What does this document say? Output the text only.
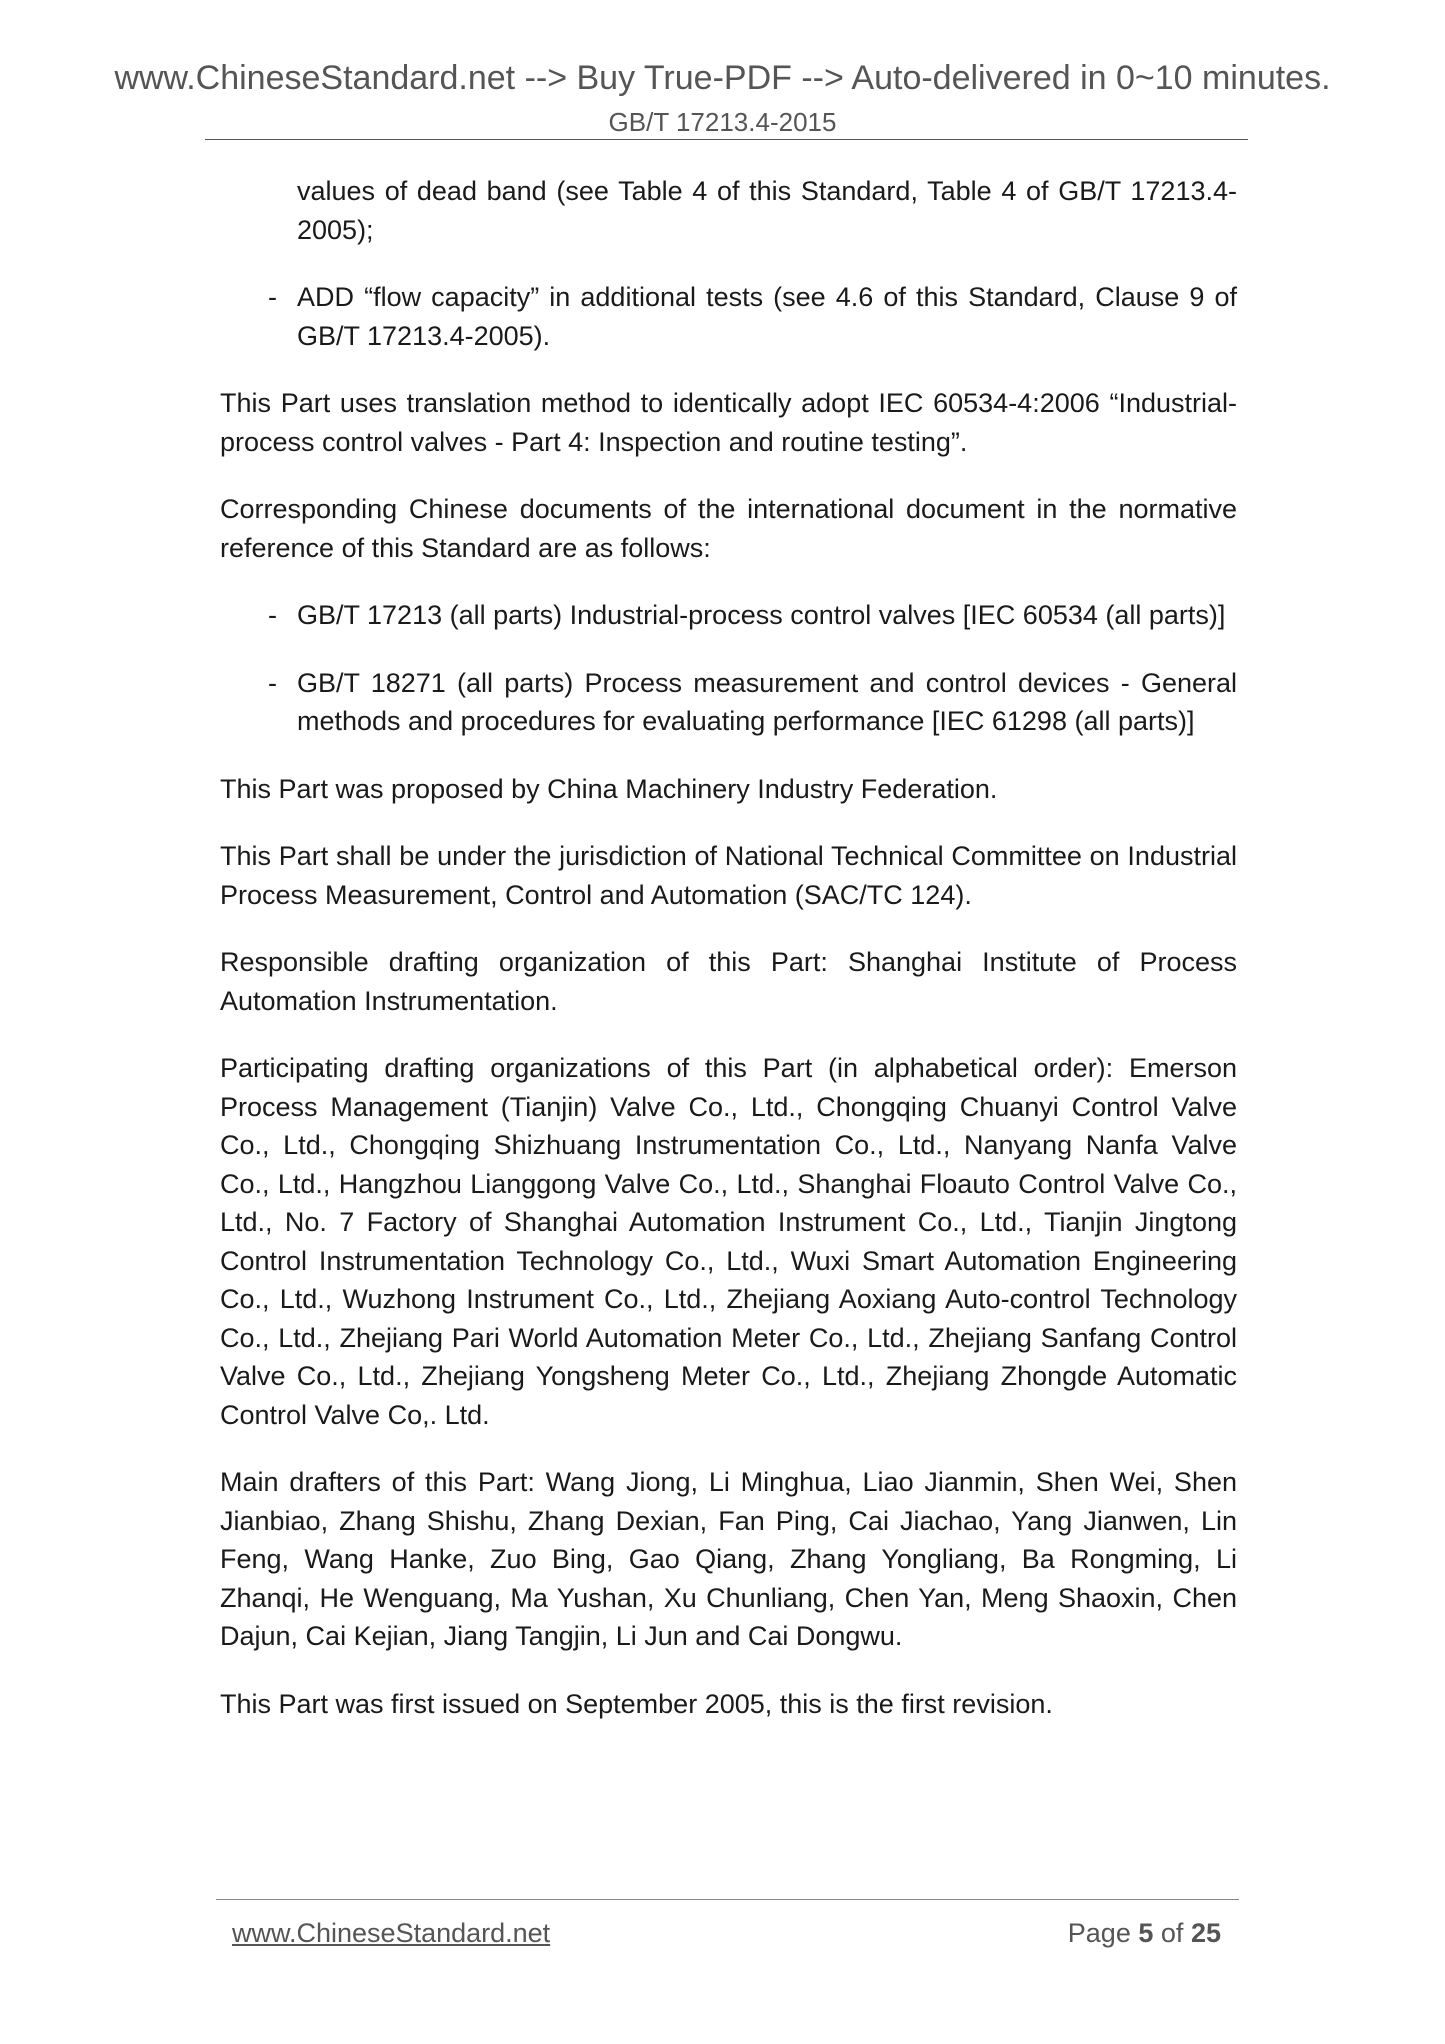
www.ChineseStandard.net --> Buy True-PDF --> Auto-delivered in 0~10 minutes.
GB/T 17213.4-2015

values of dead band (see Table 4 of this Standard, Table 4 of GB/T 17213.4-2005);

- ADD “flow capacity” in additional tests (see 4.6 of this Standard, Clause 9 of GB/T 17213.4-2005).

This Part uses translation method to identically adopt IEC 60534-4:2006 “Industrial-process control valves - Part 4: Inspection and routine testing”.

Corresponding Chinese documents of the international document in the normative reference of this Standard are as follows:

- GB/T 17213 (all parts) Industrial-process control valves [IEC 60534 (all parts)]

- GB/T 18271 (all parts) Process measurement and control devices - General methods and procedures for evaluating performance [IEC 61298 (all parts)]

This Part was proposed by China Machinery Industry Federation.

This Part shall be under the jurisdiction of National Technical Committee on Industrial Process Measurement, Control and Automation (SAC/TC 124).

Responsible drafting organization of this Part: Shanghai Institute of Process Automation Instrumentation.

Participating drafting organizations of this Part (in alphabetical order): Emerson Process Management (Tianjin) Valve Co., Ltd., Chongqing Chuanyi Control Valve Co., Ltd., Chongqing Shizhuang Instrumentation Co., Ltd., Nanyang Nanfa Valve Co., Ltd., Hangzhou Lianggong Valve Co., Ltd., Shanghai Floauto Control Valve Co., Ltd., No. 7 Factory of Shanghai Automation Instrument Co., Ltd., Tianjin Jingtong Control Instrumentation Technology Co., Ltd., Wuxi Smart Automation Engineering Co., Ltd., Wuzhong Instrument Co., Ltd., Zhejiang Aoxiang Auto-control Technology Co., Ltd., Zhejiang Pari World Automation Meter Co., Ltd., Zhejiang Sanfang Control Valve Co., Ltd., Zhejiang Yongsheng Meter Co., Ltd., Zhejiang Zhongde Automatic Control Valve Co,. Ltd.

Main drafters of this Part: Wang Jiong, Li Minghua, Liao Jianmin, Shen Wei, Shen Jianbiao, Zhang Shishu, Zhang Dexian, Fan Ping, Cai Jiachao, Yang Jianwen, Lin Feng, Wang Hanke, Zuo Bing, Gao Qiang, Zhang Yongliang, Ba Rongming, Li Zhanqi, He Wenguang, Ma Yushan, Xu Chunliang, Chen Yan, Meng Shaoxin, Chen Dajun, Cai Kejian, Jiang Tangjin, Li Jun and Cai Dongwu.

This Part was first issued on September 2005, this is the first revision.

www.ChineseStandard.net	Page 5 of 25
